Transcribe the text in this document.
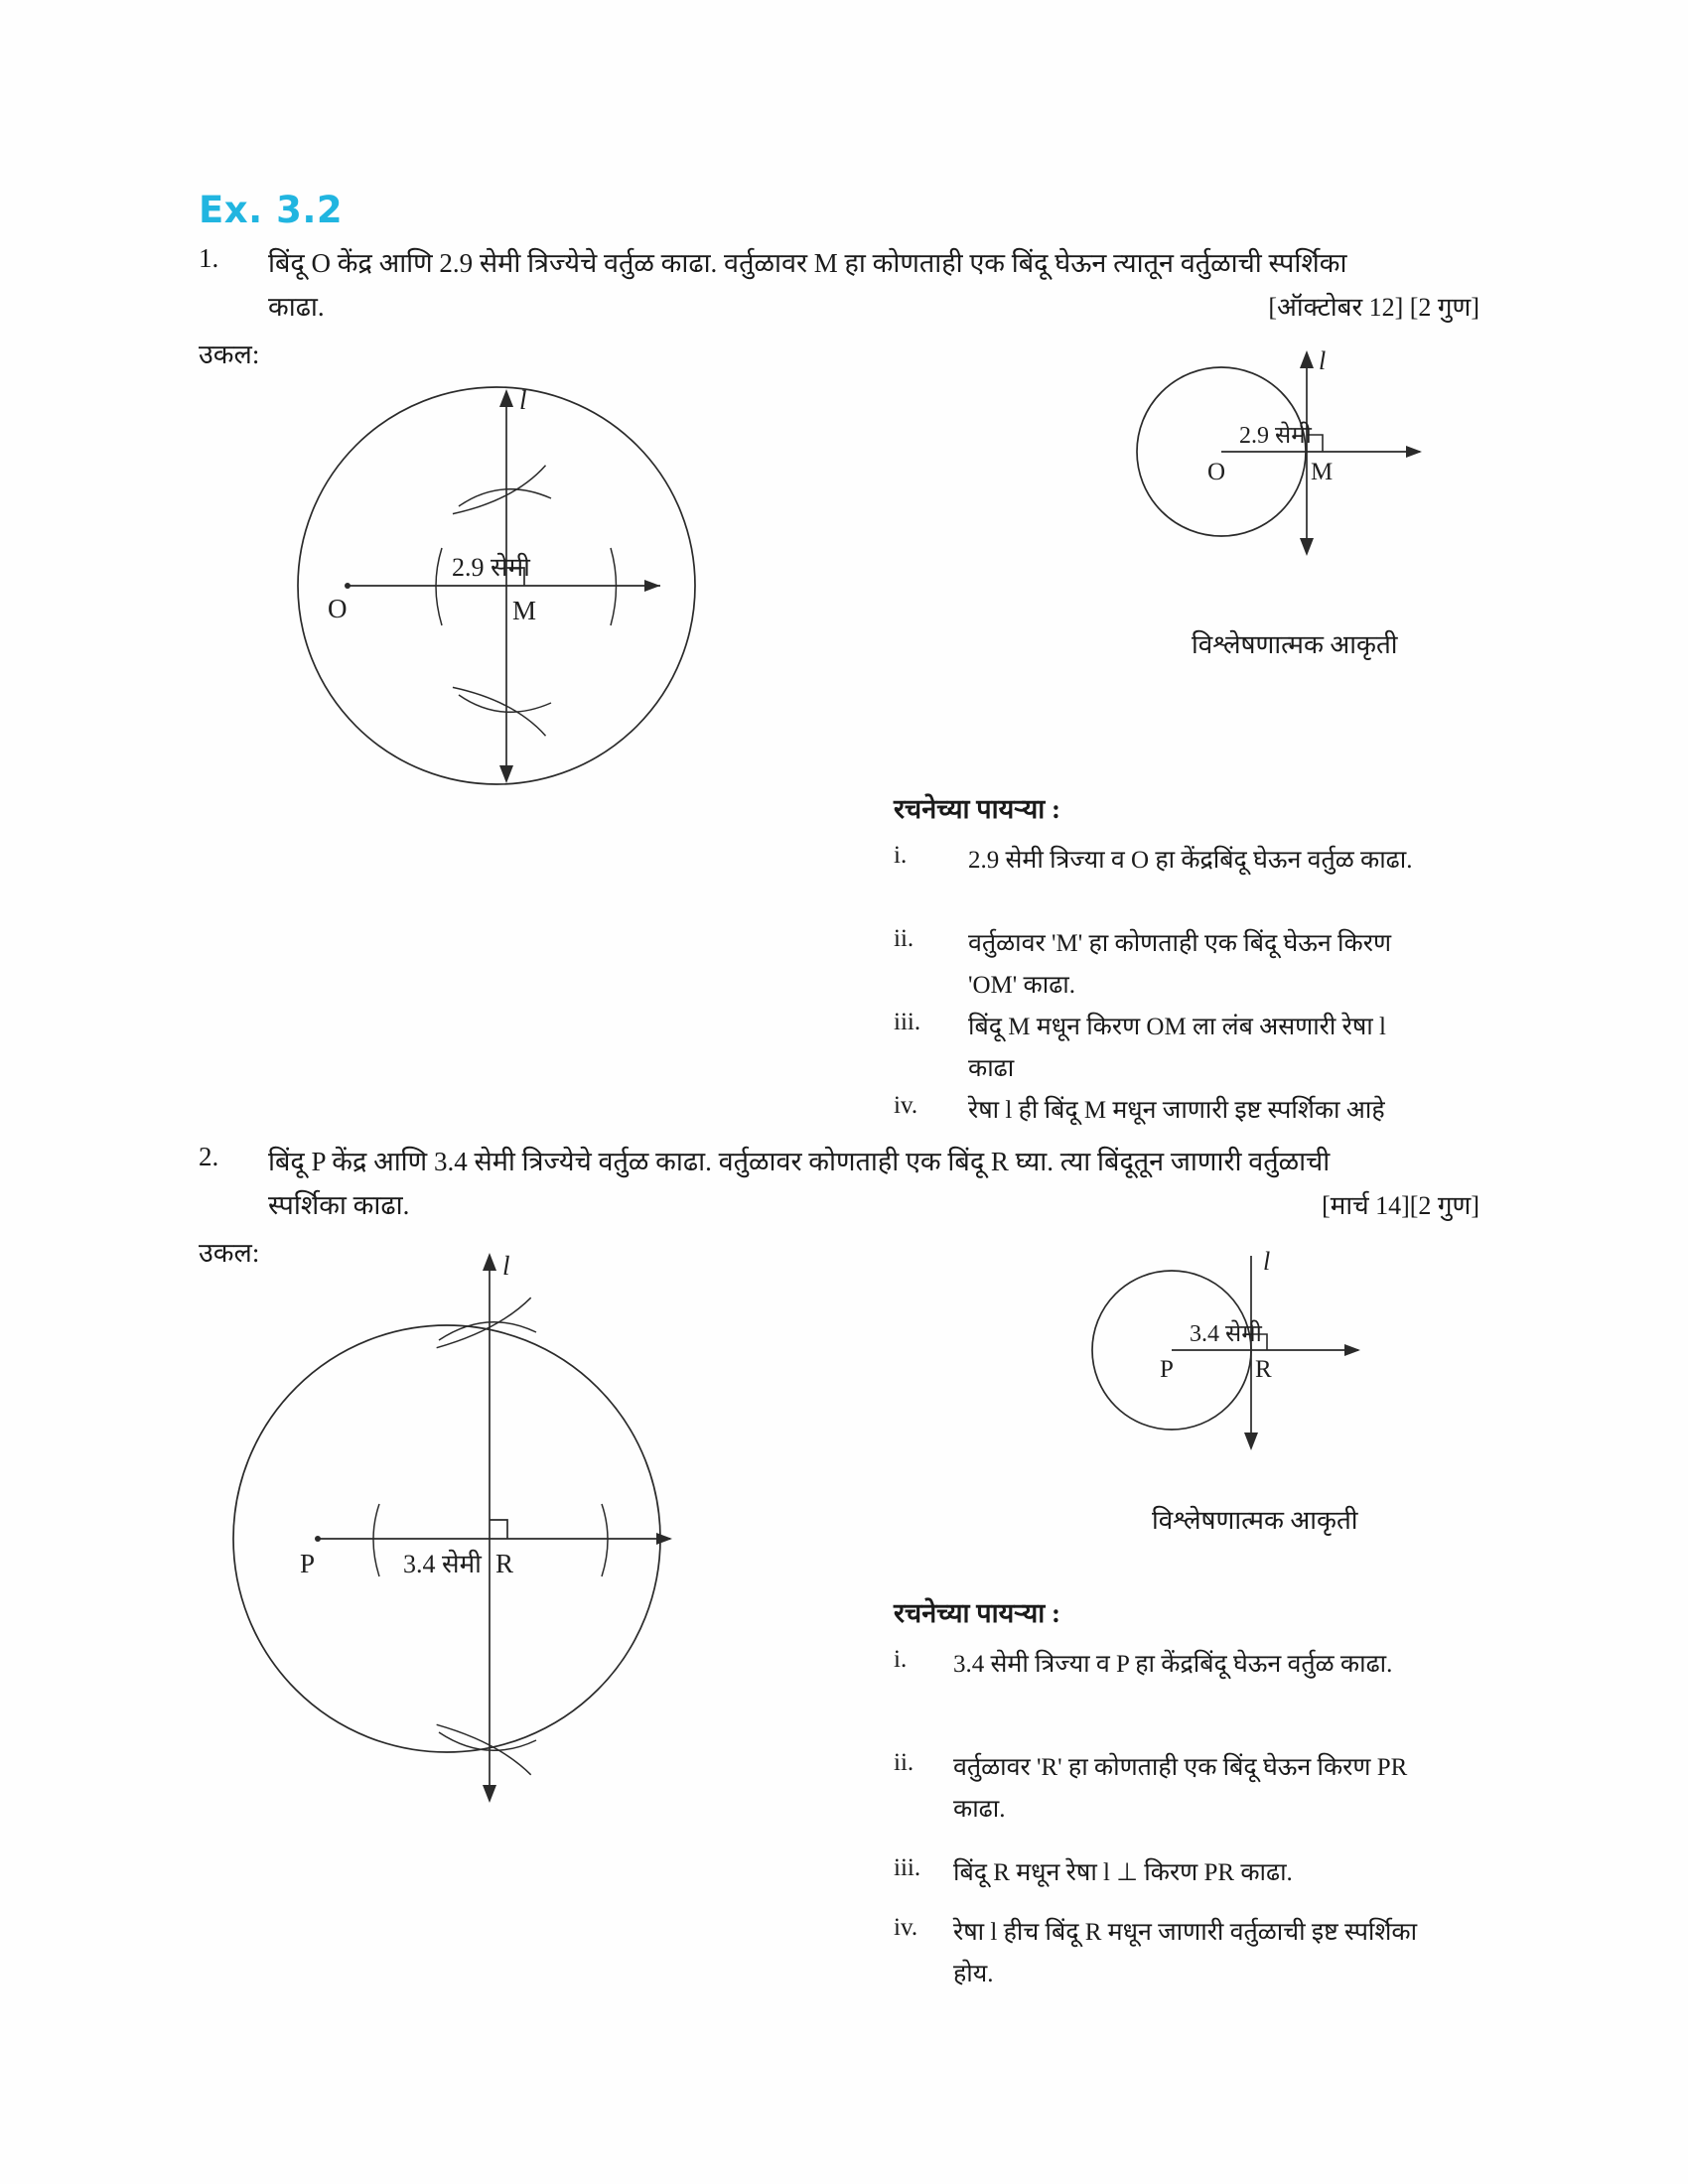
Ex. 3.2
1. बिंदू O केंद्र आणि 2.9 सेमी त्रिज्येचे वर्तुळ काढा. वर्तुळावर M हा कोणताही एक बिंदू घेऊन त्यातून वर्तुळाची स्पर्शिका
काढा.	[ऑक्टोबर 12] [2 गुण]
उकल:
O	M
2.9 सेमी
l
O	M
2.9 सेमी
l
विश्लेषणात्मक आकृती
रचनेच्या पायऱ्या :
i. 2.9 सेमी त्रिज्या व O हा केंद्रबिंदू घेऊन वर्तुळ काढा.
ii. वर्तुळावर 'M' हा कोणताही एक बिंदू घेऊन किरण 'OM' काढा.
iii. बिंदू M मधून किरण OM ला लंब असणारी रेषा l काढा
iv. रेषा l ही बिंदू M मधून जाणारी इष्ट स्पर्शिका आहे
2. बिंदू P केंद्र आणि 3.4 सेमी त्रिज्येचे वर्तुळ काढा. वर्तुळावर कोणताही एक बिंदू R घ्या. त्या बिंदूतून जाणारी वर्तुळाची
स्पर्शिका काढा.	[मार्च 14][2 गुण]
उकल:
P	R
3.4 सेमी
l
P	R
3.4 सेमी
l
विश्लेषणात्मक आकृती
रचनेच्या पायऱ्या :
i. 3.4 सेमी त्रिज्या व P हा केंद्रबिंदू घेऊन वर्तुळ काढा.
ii. वर्तुळावर 'R' हा कोणताही एक बिंदू घेऊन किरण PR काढा.
iii. बिंदू R मधून रेषा l ⊥ किरण PR काढा.
iv. रेषा l हीच बिंदू R मधून जाणारी वर्तुळाची इष्ट स्पर्शिका होय.
